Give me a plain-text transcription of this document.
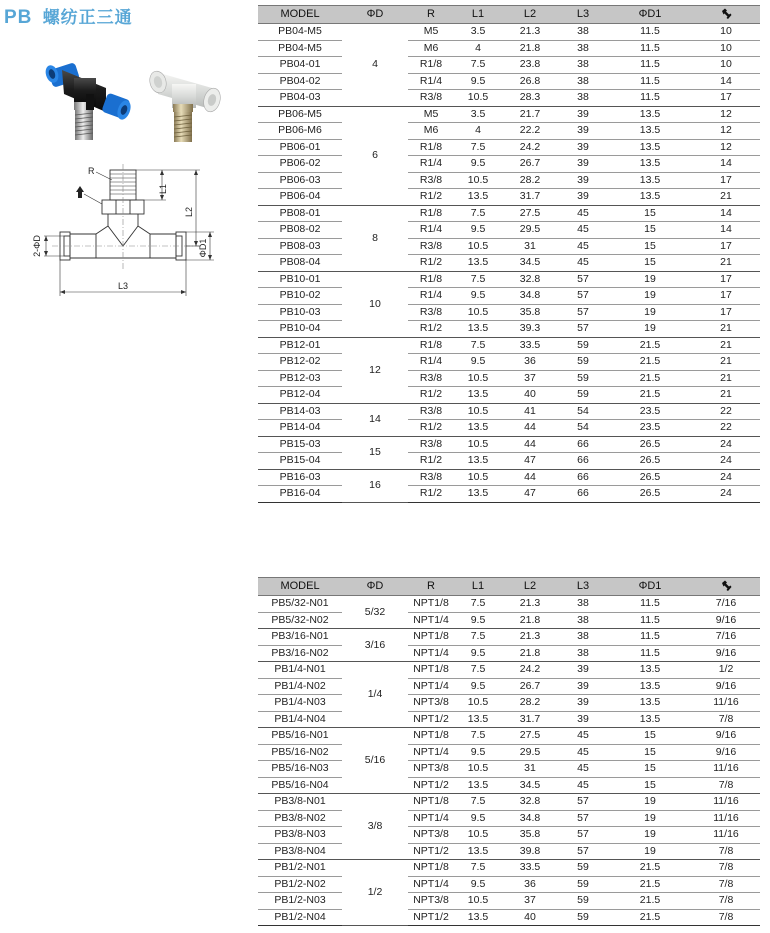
PB 螺纺正三通
R
L1
L2
ΦD1
L3
2-ΦD
MODEL	ΦD	R	L1	L2	L3	ΦD1	
PB04-M5	4	M5	3.5	21.3	38	11.5	10
PB04-M5		M6	4	21.8	38	11.5	10
PB04-01		R1/8	7.5	23.8	38	11.5	10
PB04-02		R1/4	9.5	26.8	38	11.5	14
PB04-03		R3/8	10.5	28.3	38	11.5	17
PB06-M5	6	M5	3.5	21.7	39	13.5	12
PB06-M6		M6	4	22.2	39	13.5	12
PB06-01		R1/8	7.5	24.2	39	13.5	12
PB06-02		R1/4	9.5	26.7	39	13.5	14
PB06-03		R3/8	10.5	28.2	39	13.5	17
PB06-04		R1/2	13.5	31.7	39	13.5	21
PB08-01	8	R1/8	7.5	27.5	45	15	14
PB08-02		R1/4	9.5	29.5	45	15	14
PB08-03		R3/8	10.5	31	45	15	17
PB08-04		R1/2	13.5	34.5	45	15	21
PB10-01	10	R1/8	7.5	32.8	57	19	17
PB10-02		R1/4	9.5	34.8	57	19	17
PB10-03		R3/8	10.5	35.8	57	19	17
PB10-04		R1/2	13.5	39.3	57	19	21
PB12-01	12	R1/8	7.5	33.5	59	21.5	21
PB12-02		R1/4	9.5	36	59	21.5	21
PB12-03		R3/8	10.5	37	59	21.5	21
PB12-04		R1/2	13.5	40	59	21.5	21
PB14-03	14	R3/8	10.5	41	54	23.5	22
PB14-04		R1/2	13.5	44	54	23.5	22
PB15-03	15	R3/8	10.5	44	66	26.5	24
PB15-04		R1/2	13.5	47	66	26.5	24
PB16-03	16	R3/8	10.5	44	66	26.5	24
PB16-04		R1/2	13.5	47	66	26.5	24
MODEL	ΦD	R	L1	L2	L3	ΦD1	
PB5/32-N01	5/32	NPT1/8	7.5	21.3	38	11.5	7/16
PB5/32-N02		NPT1/4	9.5	21.8	38	11.5	9/16
PB3/16-N01	3/16	NPT1/8	7.5	21.3	38	11.5	7/16
PB3/16-N02		NPT1/4	9.5	21.8	38	11.5	9/16
PB1/4-N01	1/4	NPT1/8	7.5	24.2	39	13.5	1/2
PB1/4-N02		NPT1/4	9.5	26.7	39	13.5	9/16
PB1/4-N03		NPT3/8	10.5	28.2	39	13.5	11/16
PB1/4-N04		NPT1/2	13.5	31.7	39	13.5	7/8
PB5/16-N01	5/16	NPT1/8	7.5	27.5	45	15	9/16
PB5/16-N02		NPT1/4	9.5	29.5	45	15	9/16
PB5/16-N03		NPT3/8	10.5	31	45	15	11/16
PB5/16-N04		NPT1/2	13.5	34.5	45	15	7/8
PB3/8-N01	3/8	NPT1/8	7.5	32.8	57	19	11/16
PB3/8-N02		NPT1/4	9.5	34.8	57	19	11/16
PB3/8-N03		NPT3/8	10.5	35.8	57	19	11/16
PB3/8-N04		NPT1/2	13.5	39.8	57	19	7/8
PB1/2-N01	1/2	NPT1/8	7.5	33.5	59	21.5	7/8
PB1/2-N02		NPT1/4	9.5	36	59	21.5	7/8
PB1/2-N03		NPT3/8	10.5	37	59	21.5	7/8
PB1/2-N04		NPT1/2	13.5	40	59	21.5	7/8
